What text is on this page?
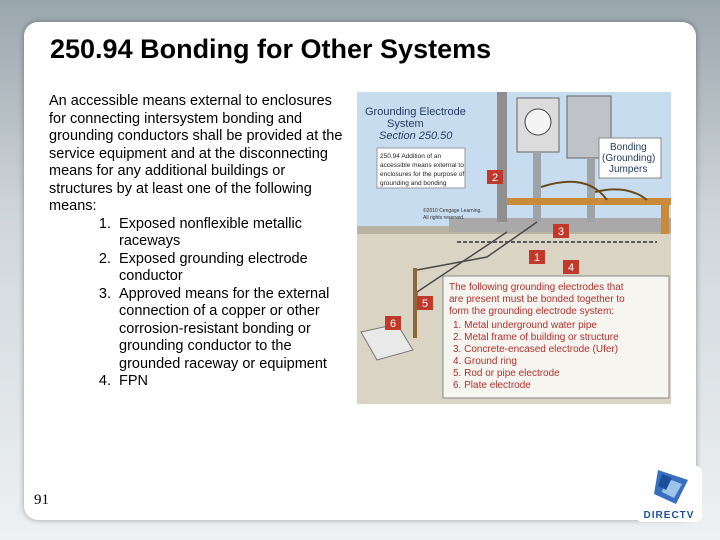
250.94 Bonding for Other Systems

An accessible means external to enclosures for connecting intersystem bonding and grounding conductors shall be provided at the service equipment and at the disconnecting means for any additional buildings or structures by at least one of the following means:

1. Exposed nonflexible metallic raceways
2. Exposed grounding electrode conductor
3. Approved means for the external connection of a copper or other corrosion-resistant bonding or grounding conductor to the grounded raceway or equipment
4. FPN
Grounding Electrode
System
Section 250.50
250.94 Addition of an
accessible means external to
enclosures for the purpose of
grounding and bonding
©2010 Cengage Learning.
All rights reserved.
Bonding
(Grounding)
Jumpers
2
3
1
4
5
6
The following grounding electrodes that
are present must be bonded together to
form the grounding electrode system:
1. Metal underground water pipe
2. Metal frame of building or structure
3. Concrete-encased electrode (Ufer)
4. Ground ring
5. Rod or pipe electrode
6. Plate electrode
91
DIRECTV
